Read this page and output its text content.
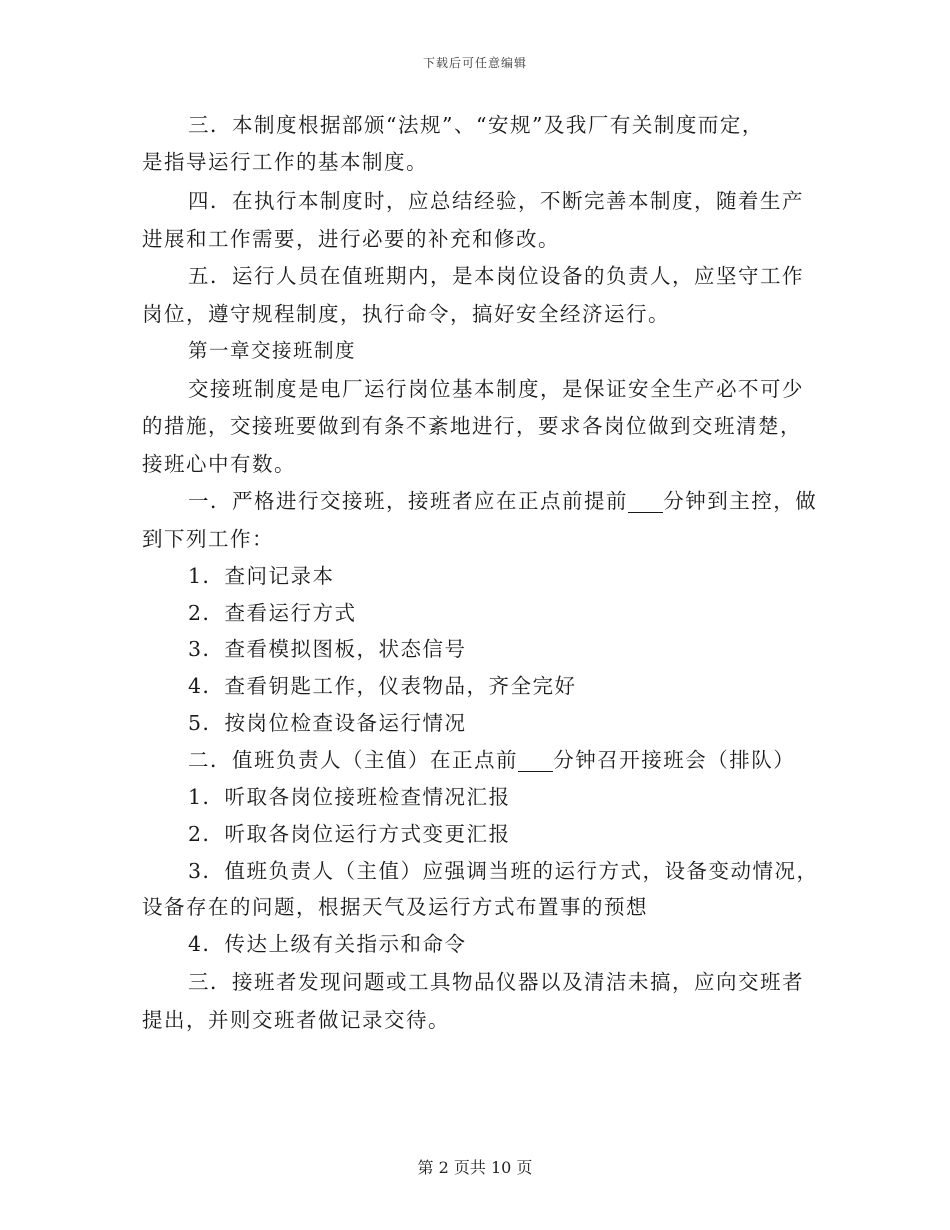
下载后可任意编辑
三．本制度根据部颁“法规”、“安规”及我厂有关制度而定，
是指导运行工作的基本制度。
四．在执行本制度时，应总结经验，不断完善本制度，随着生产
进展和工作需要，进行必要的补充和修改。
五．运行人员在值班期内，是本岗位设备的负责人，应坚守工作
岗位，遵守规程制度，执行命令，搞好安全经济运行。
第一章交接班制度
交接班制度是电厂运行岗位基本制度，是保证安全生产必不可少
的措施，交接班要做到有条不紊地进行，要求各岗位做到交班清楚，
接班心中有数。
一．严格进行交接班，接班者应在正点前提前 分钟到主控，做
到下列工作：
1．查问记录本
2．查看运行方式
3．查看模拟图板，状态信号
4．查看钥匙工作，仪表物品，齐全完好
5．按岗位检查设备运行情况
二．值班负责人（主值）在正点前 分钟召开接班会（排队）
1．听取各岗位接班检查情况汇报
2．听取各岗位运行方式变更汇报
3．值班负责人（主值）应强调当班的运行方式，设备变动情况，
设备存在的问题，根据天气及运行方式布置事的预想
4．传达上级有关指示和命令
三．接班者发现问题或工具物品仪器以及清洁未搞，应向交班者
提出，并则交班者做记录交待。
第 2 页共 10 页
